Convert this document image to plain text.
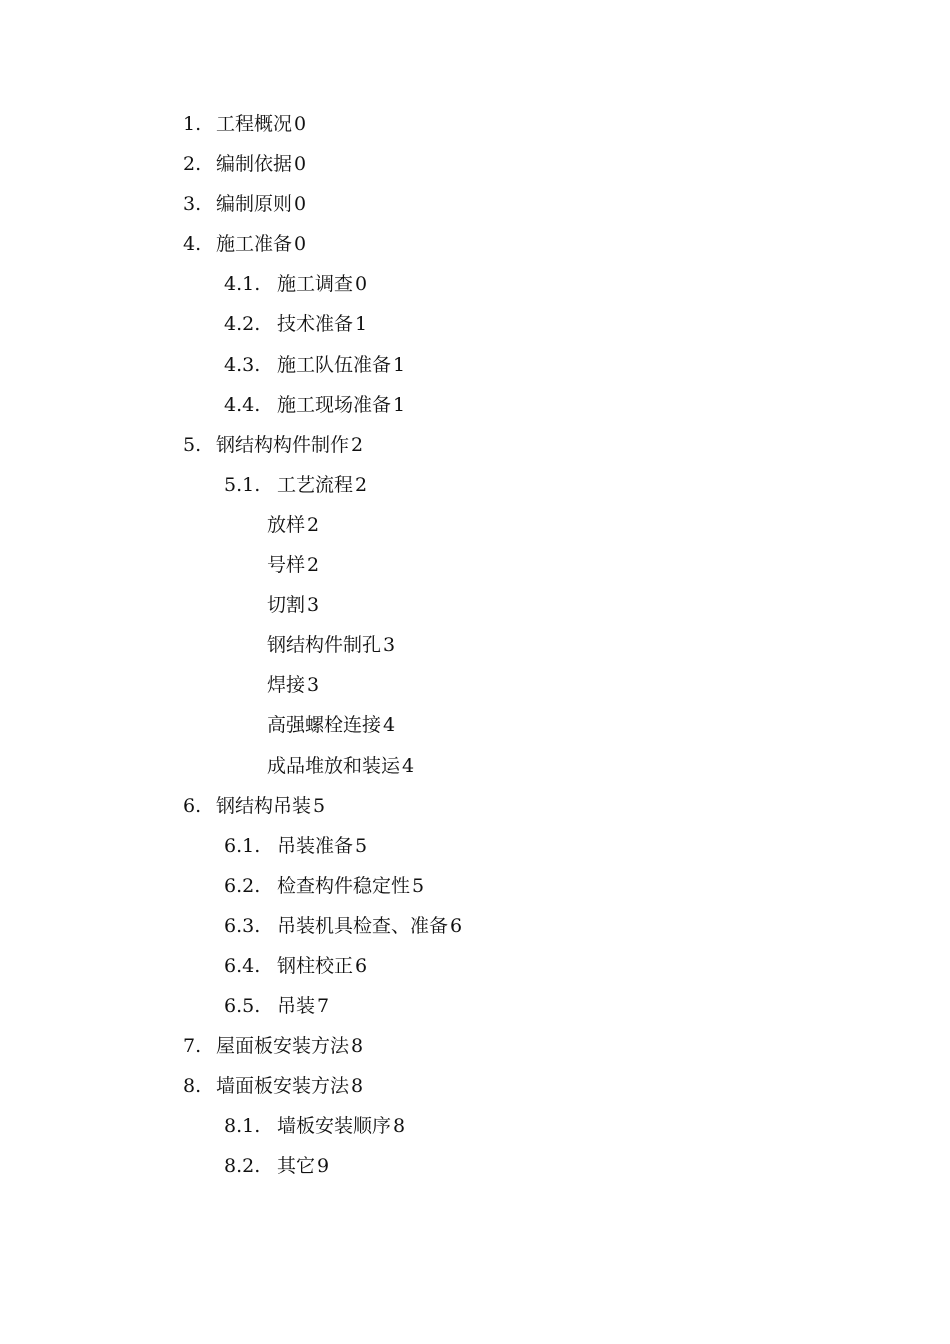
1. 工程概况 0
2. 编制依据 0
3. 编制原则 0
4. 施工准备 0
4.1. 施工调查 0
4.2. 技术准备 1
4.3. 施工队伍准备 1
4.4. 施工现场准备 1
5. 钢结构构件制作 2
5.1. 工艺流程 2
放样 2
号样 2
切割 3
钢结构件制孔 3
焊接 3
高强螺栓连接 4
成品堆放和装运 4
6. 钢结构吊装 5
6.1. 吊装准备 5
6.2. 检查构件稳定性 5
6.3. 吊装机具检查、准备 6
6.4. 钢柱校正 6
6.5. 吊装 7
7. 屋面板安装方法 8
8. 墙面板安装方法 8
8.1. 墙板安装顺序 8
8.2. 其它 9
